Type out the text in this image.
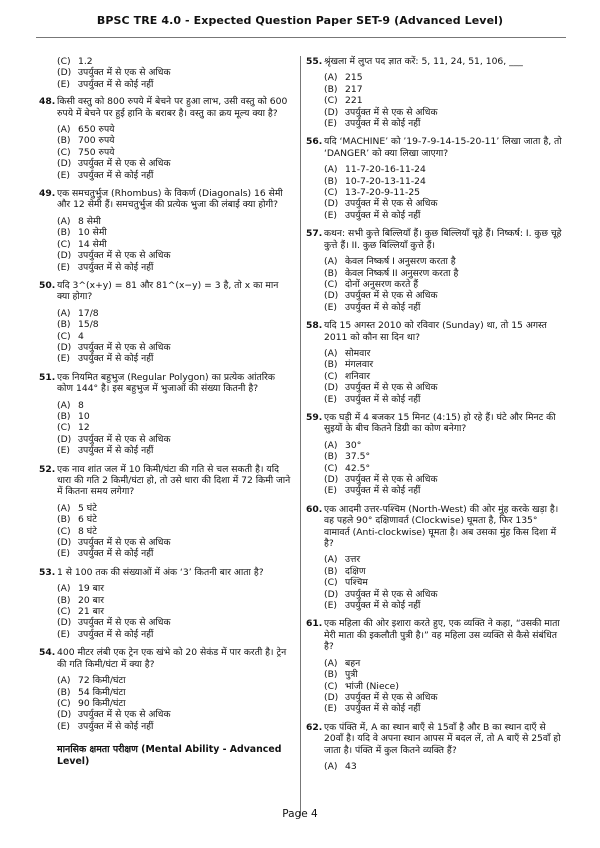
BPSC TRE 4.0 - Expected Question Paper SET-9 (Advanced Level)
(C) 1.2
(D) उपर्युक्त में से एक से अधिक
(E) उपर्युक्त में से कोई नहीं
48. किसी वस्तु को 800 रुपये में बेचने पर हुआ लाभ, उसी वस्तु को 600 रुपये में बेचने पर हुई हानि के बराबर है। वस्तु का क्रय मूल्य क्या है?
(A) 650 रुपये
(B) 700 रुपये
(C) 750 रुपये
(D) उपर्युक्त में से एक से अधिक
(E) उपर्युक्त में से कोई नहीं
49. एक समचतुर्भुज (Rhombus) के विकर्ण (Diagonals) 16 सेमी और 12 सेमी हैं। समचतुर्भुज की प्रत्येक भुजा की लंबाई क्या होगी?
(A) 8 सेमी
(B) 10 सेमी
(C) 14 सेमी
(D) उपर्युक्त में से एक से अधिक
(E) उपर्युक्त में से कोई नहीं
50. यदि 3^(x+y) = 81 और 81^(x−y) = 3 है, तो x का मान क्या होगा?
(A) 17/8
(B) 15/8
(C) 4
(D) उपर्युक्त में से एक से अधिक
(E) उपर्युक्त में से कोई नहीं
51. एक नियमित बहुभुज (Regular Polygon) का प्रत्येक आंतरिक कोण 144° है। इस बहुभुज में भुजाओं की संख्या कितनी है?
(A) 8
(B) 10
(C) 12
(D) उपर्युक्त में से एक से अधिक
(E) उपर्युक्त में से कोई नहीं
52. एक नाव शांत जल में 10 किमी/घंटा की गति से चल सकती है। यदि धारा की गति 2 किमी/घंटा हो, तो उसे धारा की दिशा में 72 किमी जाने में कितना समय लगेगा?
(A) 5 घंटे
(B) 6 घंटे
(C) 8 घंटे
(D) उपर्युक्त में से एक से अधिक
(E) उपर्युक्त में से कोई नहीं
53. 1 से 100 तक की संख्याओं में अंक ‘3’ कितनी बार आता है?
(A) 19 बार
(B) 20 बार
(C) 21 बार
(D) उपर्युक्त में से एक से अधिक
(E) उपर्युक्त में से कोई नहीं
54. 400 मीटर लंबी एक ट्रेन एक खंभे को 20 सेकंड में पार करती है। ट्रेन की गति किमी/घंटा में क्या है?
(A) 72 किमी/घंटा
(B) 54 किमी/घंटा
(C) 90 किमी/घंटा
(D) उपर्युक्त में से एक से अधिक
(E) उपर्युक्त में से कोई नहीं
मानसिक क्षमता परीक्षण (Mental Ability - Advanced Level)
55. श्रृंखला में लुप्त पद ज्ञात करें: 5, 11, 24, 51, 106, ___
(A) 215
(B) 217
(C) 221
(D) उपर्युक्त में से एक से अधिक
(E) उपर्युक्त में से कोई नहीं
56. यदि ‘MACHINE’ को ’19-7-9-14-15-20-11’ लिखा जाता है, तो ‘DANGER’ को क्या लिखा जाएगा?
(A) 11-7-20-16-11-24
(B) 10-7-20-13-11-24
(C) 13-7-20-9-11-25
(D) उपर्युक्त में से एक से अधिक
(E) उपर्युक्त में से कोई नहीं
57. कथन: सभी कुत्ते बिल्लियाँ हैं। कुछ बिल्लियाँ चूहे हैं। निष्कर्ष: I. कुछ चूहे कुत्ते हैं। II. कुछ बिल्लियाँ कुत्ते हैं।
(A) केवल निष्कर्ष I अनुसरण करता है
(B) केवल निष्कर्ष II अनुसरण करता है
(C) दोनों अनुसरण करते हैं
(D) उपर्युक्त में से एक से अधिक
(E) उपर्युक्त में से कोई नहीं
58. यदि 15 अगस्त 2010 को रविवार (Sunday) था, तो 15 अगस्त 2011 को कौन सा दिन था?
(A) सोमवार
(B) मंगलवार
(C) शनिवार
(D) उपर्युक्त में से एक से अधिक
(E) उपर्युक्त में से कोई नहीं
59. एक घड़ी में 4 बजकर 15 मिनट (4:15) हो रहे हैं। घंटे और मिनट की सुइयों के बीच कितने डिग्री का कोण बनेगा?
(A) 30°
(B) 37.5°
(C) 42.5°
(D) उपर्युक्त में से एक से अधिक
(E) उपर्युक्त में से कोई नहीं
60. एक आदमी उत्तर-पश्चिम (North-West) की ओर मुंह करके खड़ा है। वह पहले 90° दक्षिणावर्त (Clockwise) घूमता है, फिर 135° वामावर्त (Anti-clockwise) घूमता है। अब उसका मुंह किस दिशा में है?
(A) उत्तर
(B) दक्षिण
(C) पश्चिम
(D) उपर्युक्त में से एक से अधिक
(E) उपर्युक्त में से कोई नहीं
61. एक महिला की ओर इशारा करते हुए, एक व्यक्ति ने कहा, “उसकी माता मेरी माता की इकलौती पुत्री है।” वह महिला उस व्यक्ति से कैसे संबंधित है?
(A) बहन
(B) पुत्री
(C) भांजी (Niece)
(D) उपर्युक्त में से एक से अधिक
(E) उपर्युक्त में से कोई नहीं
62. एक पंक्ति में, A का स्थान बाएँ से 15वाँ है और B का स्थान दाएँ से 20वाँ है। यदि वे अपना स्थान आपस में बदल लें, तो A बाएँ से 25वाँ हो जाता है। पंक्ति में कुल कितने व्यक्ति हैं?
(A) 43
Page 4
